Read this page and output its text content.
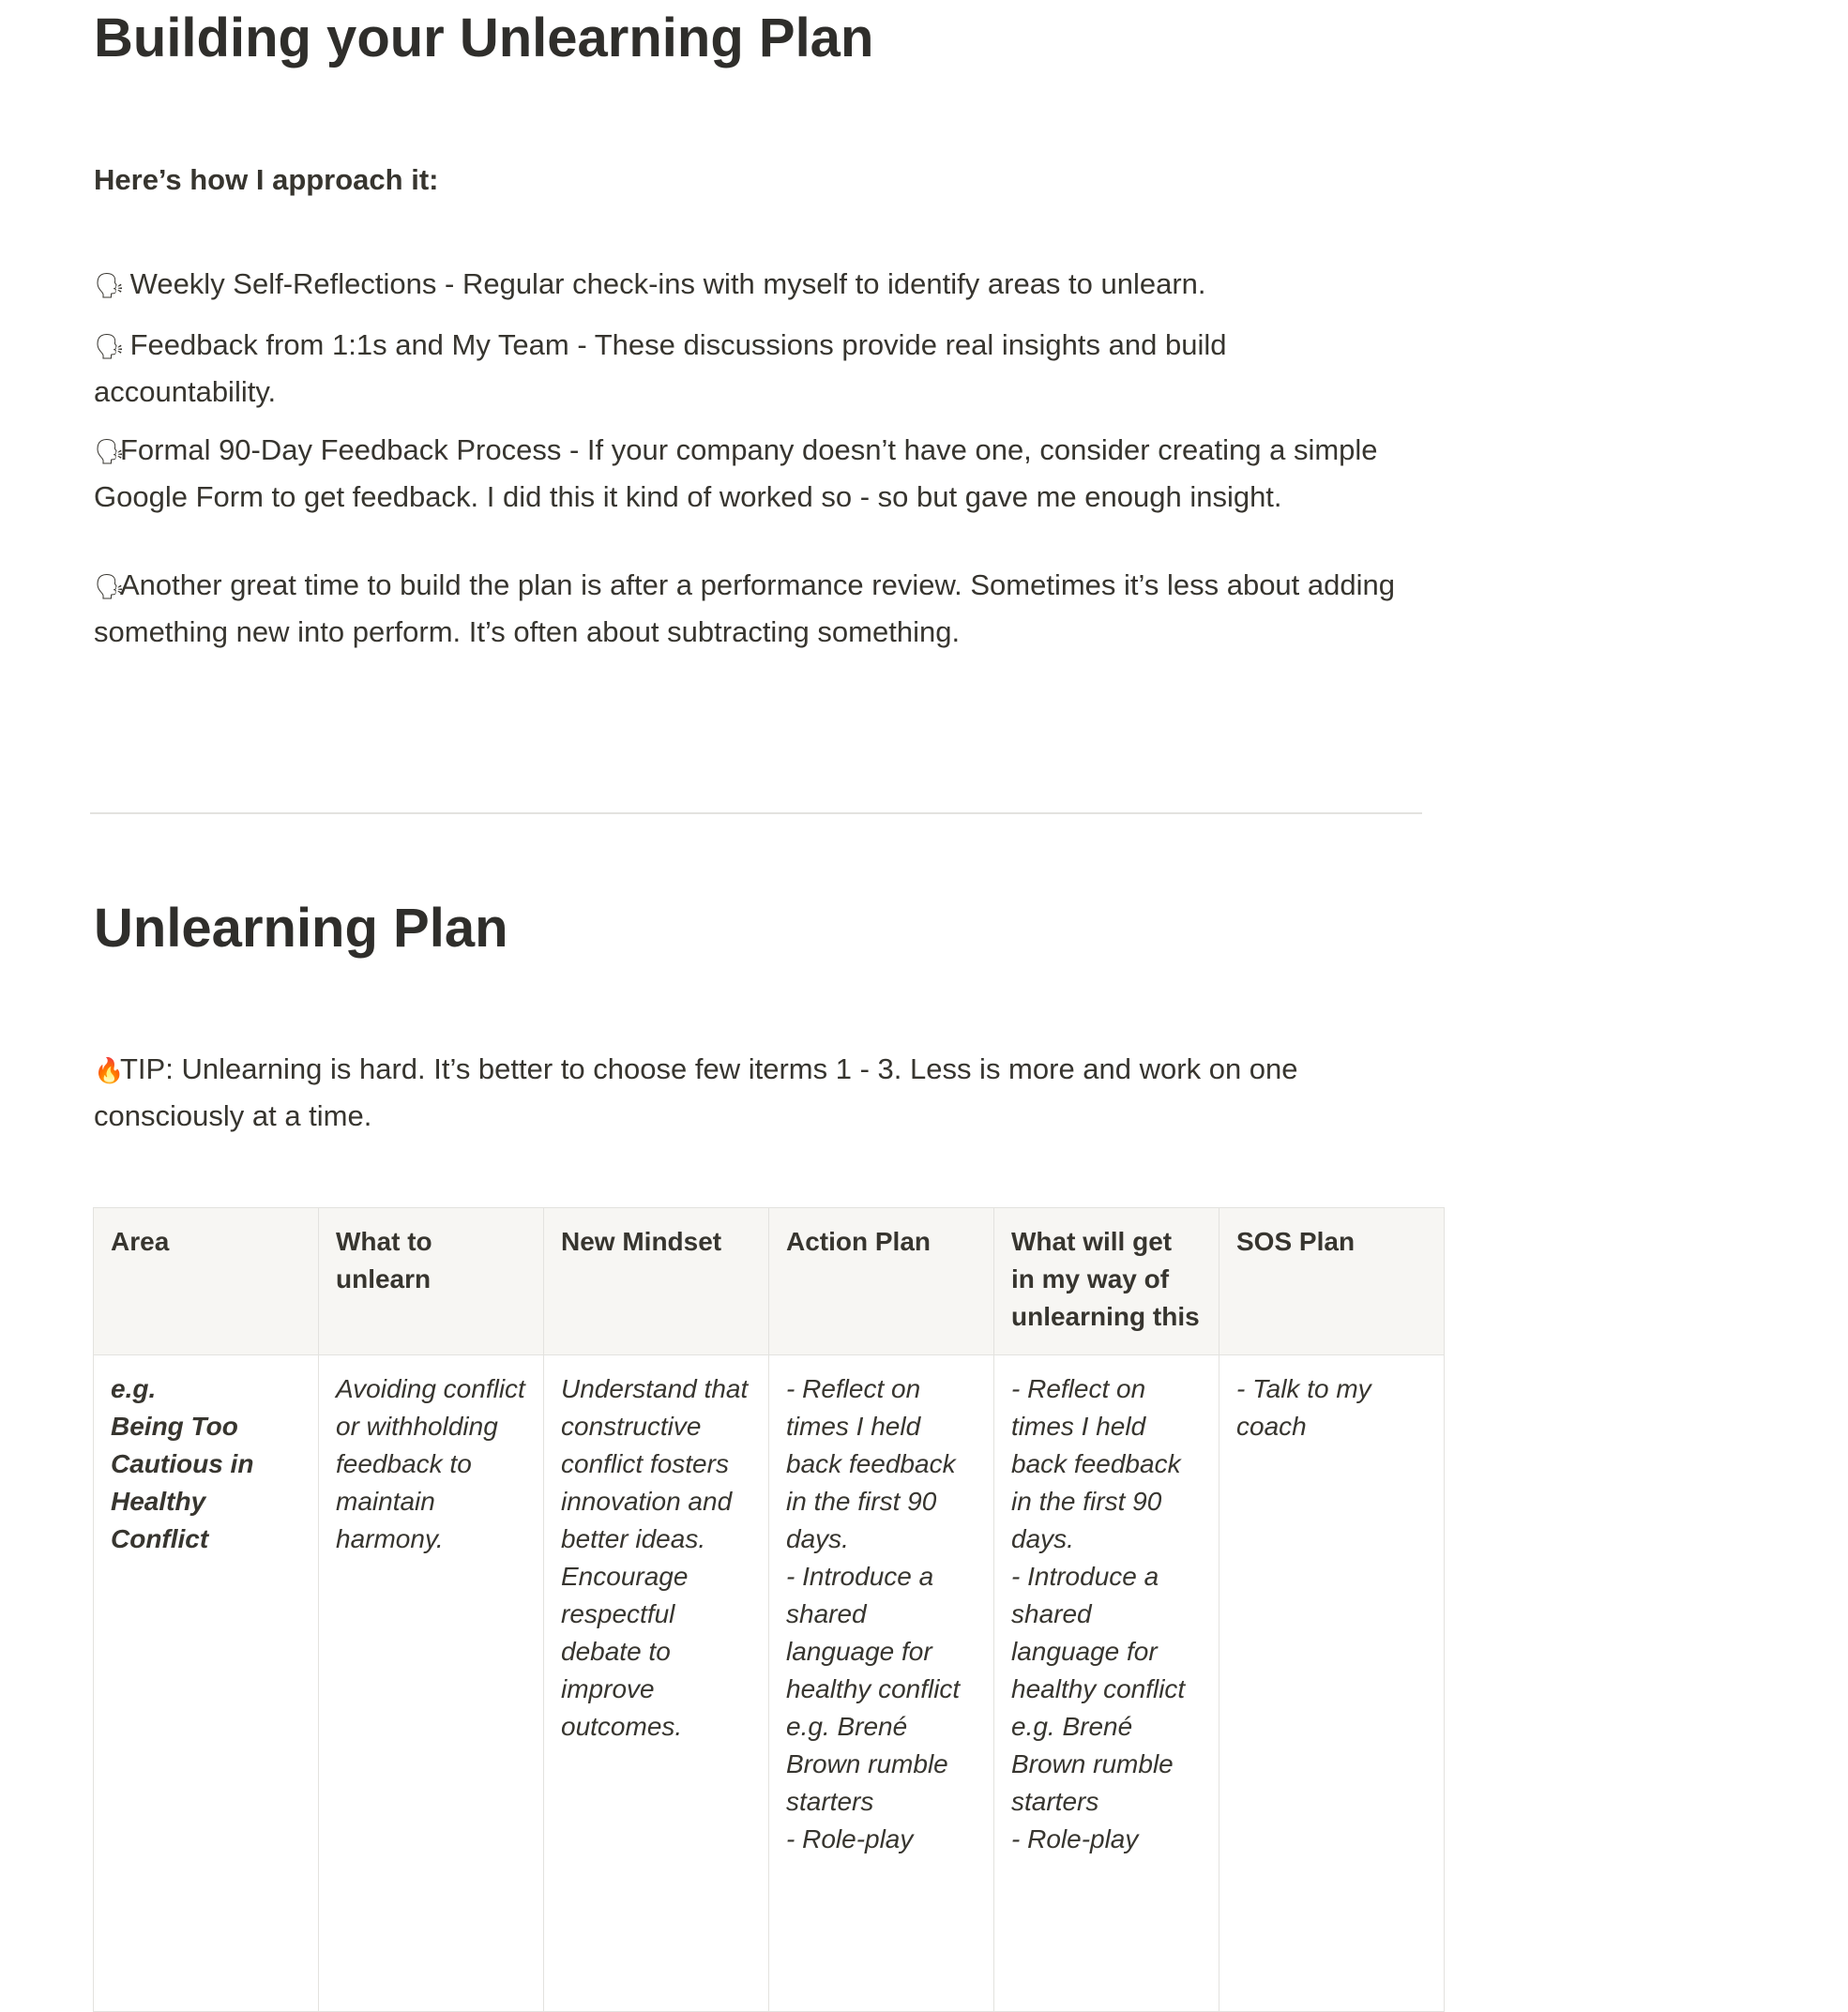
Building your Unlearning Plan
Here’s how I approach it:
🗣 Weekly Self-Reflections - Regular check-ins with myself to identify areas to unlearn.
🗣 Feedback from 1:1s and My Team - These discussions provide real insights and build accountability.
🗣Formal 90-Day Feedback Process - If your company doesn’t have one, consider creating a simple Google Form to get feedback. I did this it kind of worked so - so but gave me enough insight.
🗣Another great time to build the plan is after a performance review. Sometimes it’s less about adding something new into perform. It’s often about subtracting something.
Unlearning Plan
🔥TIP: Unlearning is hard. It’s better to choose few iterms 1 - 3. Less is more and work on one consciously at a time.
Area	What to unlearn	New Mindset	Action Plan	What will get in my way of unlearning this	SOS Plan

e.g.
Being Too Cautious in Healthy Conflict	Avoiding conflict or withholding feedback to maintain harmony.	Understand that constructive conflict fosters innovation and better ideas. Encourage respectful debate to improve outcomes.	- Reflect on times I held back feedback in the first 90 days.
- Introduce a shared language for healthy conflict e.g. Brené Brown rumble starters
- Role-play	- Reflect on times I held back feedback in the first 90 days.
- Introduce a shared language for healthy conflict e.g. Brené Brown rumble starters
- Role-play	- Talk to my coach
